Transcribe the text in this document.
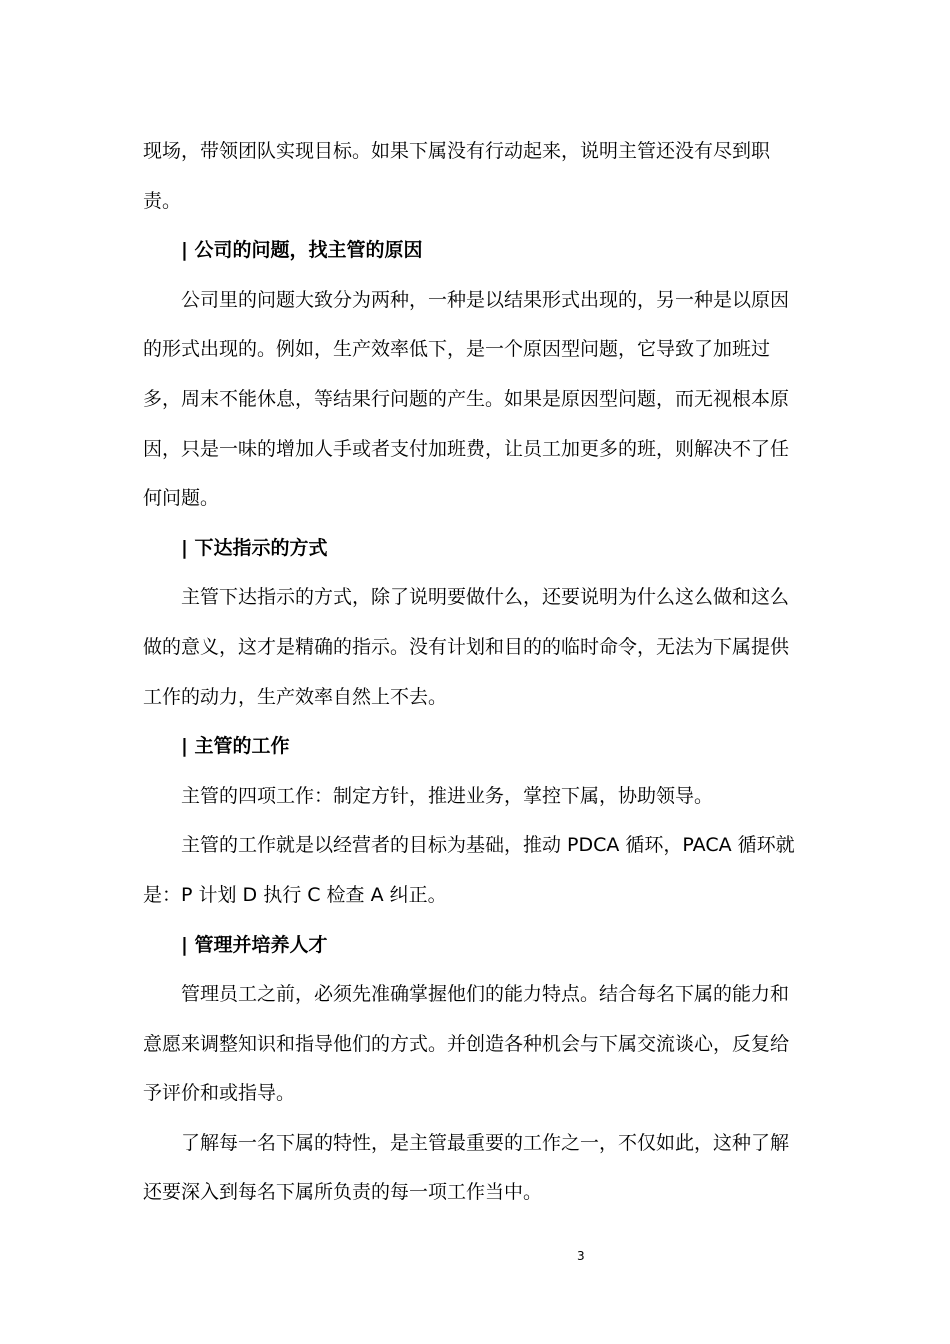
现场，带领团队实现目标。如果下属没有行动起来，说明主管还没有尽到职
责。
| 公司的问题，找主管的原因
公司里的问题大致分为两种，一种是以结果形式出现的，另一种是以原因
的形式出现的。例如，生产效率低下，是一个原因型问题，它导致了加班过
多，周末不能休息，等结果行问题的产生。如果是原因型问题，而无视根本原
因，只是一味的增加人手或者支付加班费，让员工加更多的班，则解决不了任
何问题。
| 下达指示的方式
主管下达指示的方式，除了说明要做什么，还要说明为什么这么做和这么
做的意义，这才是精确的指示。没有计划和目的的临时命令，无法为下属提供
工作的动力，生产效率自然上不去。
| 主管的工作
主管的四项工作：制定方针，推进业务，掌控下属，协助领导。
主管的工作就是以经营者的目标为基础，推动 PDCA 循环，PACA 循环就
是：P 计划 D 执行 C 检查 A 纠正。
| 管理并培养人才
管理员工之前，必须先准确掌握他们的能力特点。结合每名下属的能力和
意愿来调整知识和指导他们的方式。并创造各种机会与下属交流谈心，反复给
予评价和或指导。
了解每一名下属的特性，是主管最重要的工作之一，不仅如此，这种了解
还要深入到每名下属所负责的每一项工作当中。
3
